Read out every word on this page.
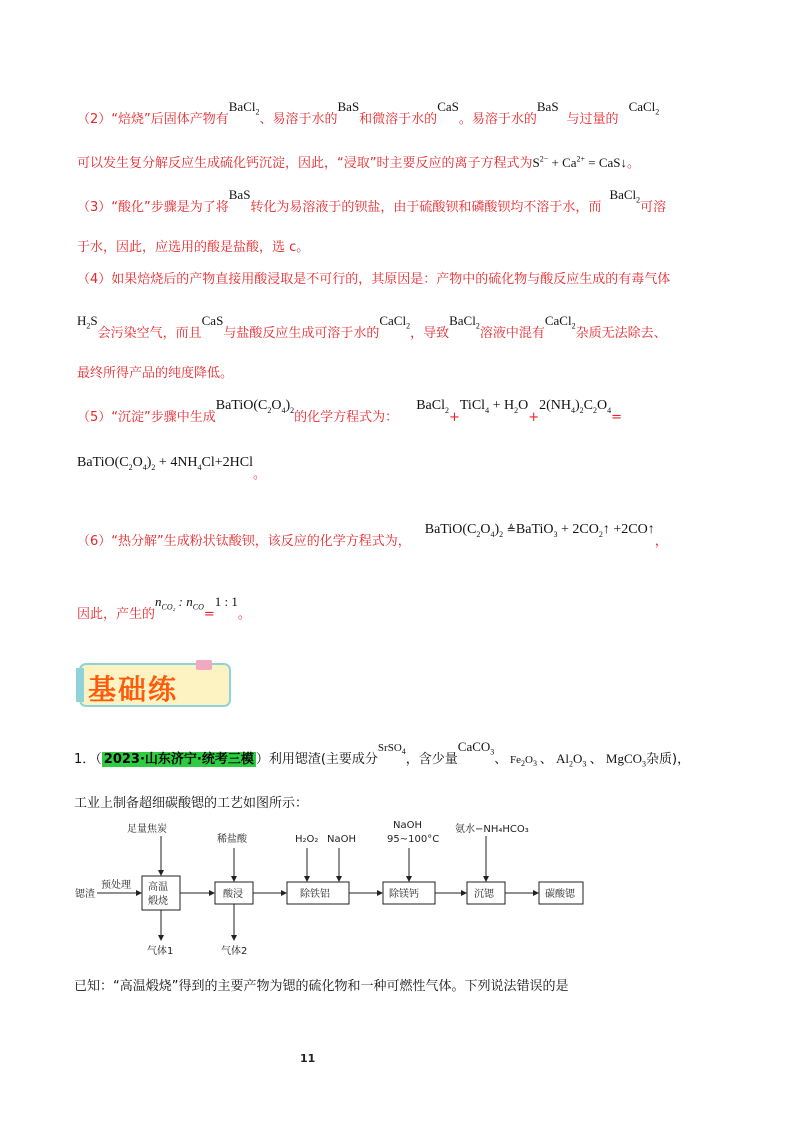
（2）“焙烧”后固体产物有BaCl$_2$、易溶于水的BaS和微溶于水的CaS。易溶于水的BaS与过量的CaCl$_2$
可以发生复分解反应生成硫化钙沉淀，因此，“浸取”时主要反应的离子方程式为$S^{2-} + Ca^{2+}$ = CaS↓。
（3）“酸化”步骤是为了将BaS转化为易溶液于的钡盐，由于硫酸钡和磷酸钡均不溶于水，而BaCl$_2$可溶
于水，因此，应选用的酸是盐酸，选 c。
（4）如果焙烧后的产物直接用酸浸取是不可行的，其原因是：产物中的硫化物与酸反应生成的有毒气体
$H_2S$会污染空气，而且CaS与盐酸反应生成可溶于水的CaCl$_2$，导致BaCl$_2$溶液中混有CaCl$_2$杂质无法除去、
最终所得产品的纯度降低。
（5）“沉淀”步骤中生成$BaTiO(C_2O_4)_2$的化学方程式为：BaCl$_2$+TiCl$_4$ + $H_2O+2(NH_4)_2C_2O_4=$
$BaTiO(C_2O_4)_2 + 4NH_4Cl+2HCl$。
（6）“热分解”生成粉状钛酸钡，该反应的化学方程式为，$BaTiO(C_2O_4)_2$ ≜BaTiO$_3$ + $2CO_2↑$ +2CO↑，
因此，产生的$n_{CO_2}$ : $n_{CO}=1$ : 1。
基础练
1．（ 2023·山东济宁·统考三模 ）利用锶渣(主要成分$^{SrSO_4}$，含少量CaCO$_3$、 $Fe_2O_3$ 、 $Al_2O_3$ 、 MgCO$_3$杂质)，
工业上制备超细碳酸锶的工艺如图所示：
锶渣
预处理 高温
煅烧
酸浸	除铁铝	除镁钙	沉锶	碳酸锶
足量焦炭
稀盐酸	H₂O₂ NaOH
NaOH
95~100°C
氨水−NH₄HCO₃
气体1	气体2
已知：“高温煅烧”得到的主要产物为锶的硫化物和一种可燃性气体。下列说法错误的是
11
